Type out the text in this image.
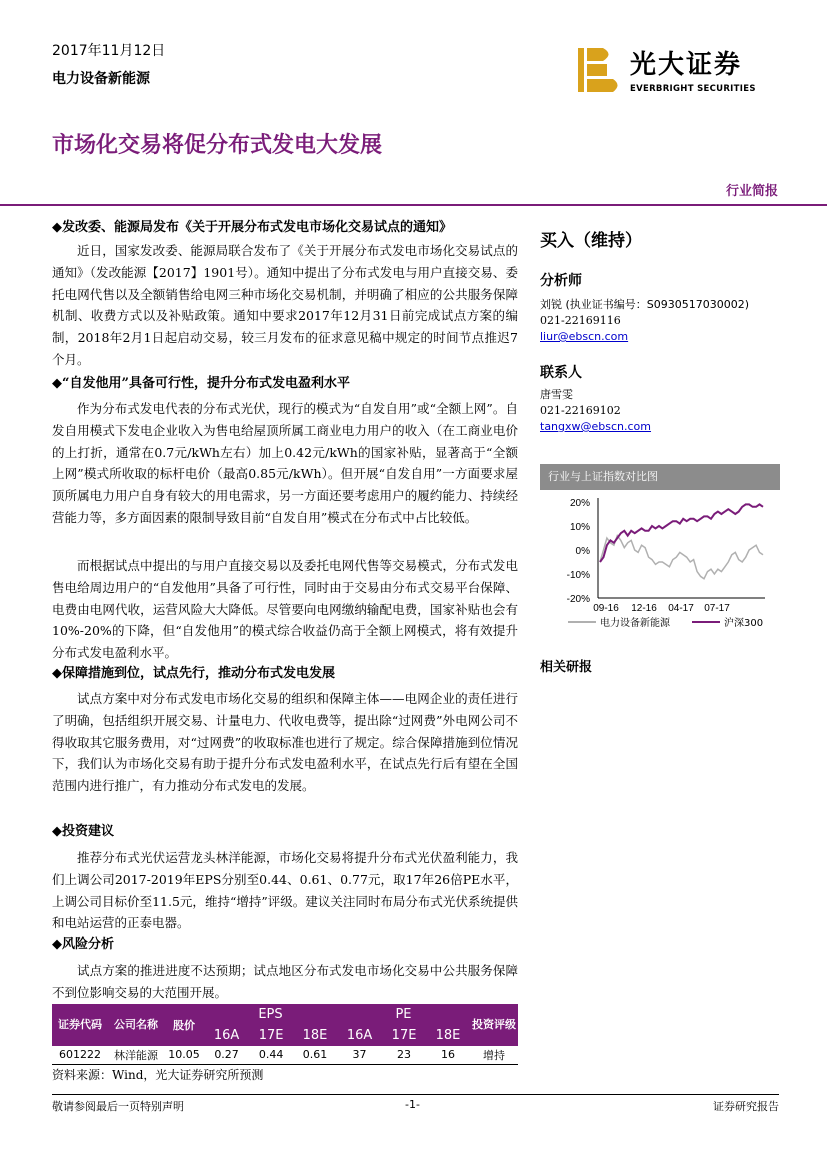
2017年11月12日
电力设备新能源	光大证券
EVERBRIGHT SECURITIES
市场化交易将促分布式发电大发展
行业简报
◆发改委、能源局发布《关于开展分布式发电市场化交易试点的通知》
近日，国家发改委、能源局联合发布了《关于开展分布式发电市场化交易试点的通知》（发改能源【2017】1901号）。通知中提出了分布式发电与用户直接交易、委托电网代售以及全额销售给电网三种市场化交易机制，并明确了相应的公共服务保障机制、收费方式以及补贴政策。通知中要求2017年12月31日前完成试点方案的编制，2018年2月1日起启动交易，较三月发布的征求意见稿中规定的时间节点推迟7个月。
◆“自发他用”具备可行性，提升分布式发电盈利水平
作为分布式发电代表的分布式光伏，现行的模式为“自发自用”或“全额上网”。自发自用模式下发电企业收入为售电给屋顶所属工商业电力用户的收入（在工商业电价的上打折，通常在0.7元/kWh左右）加上0.42元/kWh的国家补贴，显著高于“全额上网”模式所收取的标杆电价（最高0.85元/kWh）。但开展“自发自用”一方面要求屋顶所属电力用户自身有较大的用电需求，另一方面还要考虑用户的履约能力、持续经营能力等，多方面因素的限制导致目前“自发自用”模式在分布式中占比较低。
而根据试点中提出的与用户直接交易以及委托电网代售等交易模式，分布式发电售电给周边用户的“自发他用”具备了可行性，同时由于交易由分布式交易平台保障、电费由电网代收，运营风险大大降低。尽管要向电网缴纳输配电费，国家补贴也会有10%-20%的下降，但“自发他用”的模式综合收益仍高于全额上网模式，将有效提升分布式发电盈利水平。
◆保障措施到位，试点先行，推动分布式发电发展
试点方案中对分布式发电市场化交易的组织和保障主体——电网企业的责任进行了明确，包括组织开展交易、计量电力、代收电费等，提出除“过网费”外电网公司不得收取其它服务费用，对“过网费”的收取标准也进行了规定。综合保障措施到位情况下，我们认为市场化交易有助于提升分布式发电盈利水平，在试点先行后有望在全国范围内进行推广，有力推动分布式发电的发展。
◆投资建议
推荐分布式光伏运营龙头林洋能源，市场化交易将提升分布式光伏盈利能力，我们上调公司2017-2019年EPS分别至0.44、0.61、0.77元，取17年26倍PE水平，上调公司目标价至11.5元，维持“增持”评级。建议关注同时布局分布式光伏系统提供和电站运营的正泰电器。
◆风险分析
试点方案的推进进度不达预期；试点地区分布式发电市场化交易中公共服务保障不到位影响交易的大范围开展。
证券代码	公司名称	股价	EPS			PE			投资评级
			16A	17E	18E	16A	17E	18E	
601222	林洋能源	10.05	0.27	0.44	0.61	37	23	16	增持
资料来源：Wind，光大证券研究所预测
买入（维持）
分析师
刘锐 (执业证书编号：S0930517030002)
021-22169116
liur@ebscn.com
联系人
唐雪雯
021-22169102
tangxw@ebscn.com
行业与上证指数对比图
20%
10%
0%
-10%
-20%
09-16 12-16 04-17 07-17
电力设备新能源	沪深300
相关研报
敬请参阅最后一页特别声明	-1-	证券研究报告
